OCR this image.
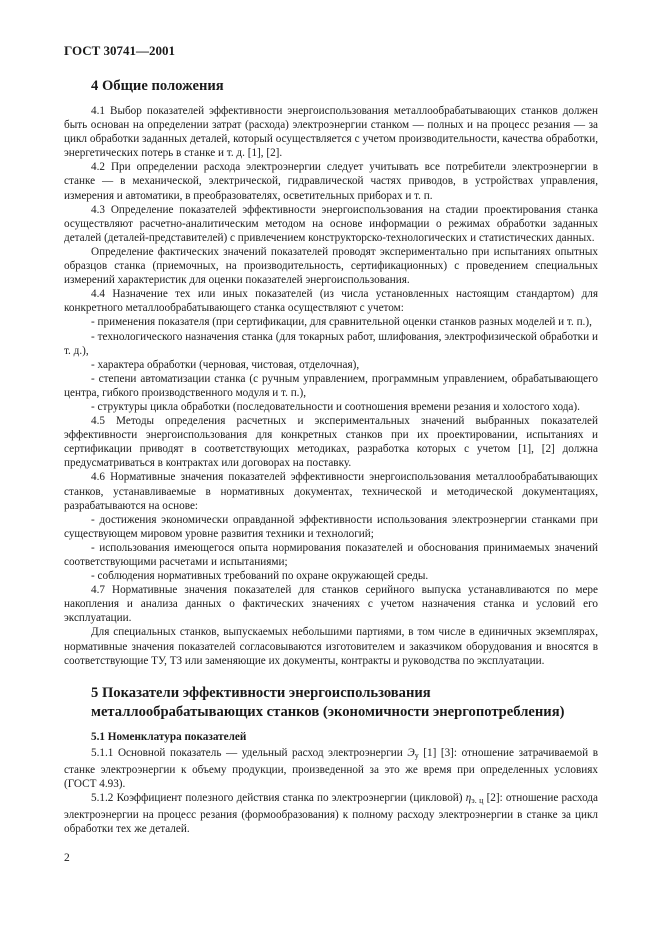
ГОСТ 30741—2001
4 Общие положения

4.1 Выбор показателей эффективности энергоиспользования металлообрабатывающих станков должен быть основан на определении затрат (расхода) электроэнергии станком — полных и на процесс резания — за цикл обработки заданных деталей, который осуществляется с учетом производительности, качества обработки, энергетических потерь в станке и т. д. [1], [2].

4.2 При определении расхода электроэнергии следует учитывать все потребители электроэнергии в станке — в механической, электрической, гидравлической частях приводов, в устройствах управления, измерения и автоматики, в преобразователях, осветительных приборах и т. п.

4.3 Определение показателей эффективности энергоиспользования на стадии проектирования станка осуществляют расчетно-аналитическим методом на основе информации о режимах обработки заданных деталей (деталей-представителей) с привлечением конструкторско-технологических и статистических данных.

Определение фактических значений показателей проводят экспериментально при испытаниях опытных образцов станка (приемочных, на производительность, сертификационных) с проведением специальных измерений характеристик для оценки показателей энергоиспользования.

4.4 Назначение тех или иных показателей (из числа установленных настоящим стандартом) для конкретного металлообрабатывающего станка осуществляют с учетом:

- применения показателя (при сертификации, для сравнительной оценки станков разных моделей и т. п.),

- технологического назначения станка (для токарных работ, шлифования, электрофизической обработки и т. д.),

- характера обработки (черновая, чистовая, отделочная),

- степени автоматизации станка (с ручным управлением, программным управлением, обрабатывающего центра, гибкого производственного модуля и т. п.),

- структуры цикла обработки (последовательности и соотношения времени резания и холостого хода).

4.5 Методы определения расчетных и экспериментальных значений выбранных показателей эффективности энергоиспользования для конкретных станков при их проектировании, испытаниях и сертификации приводят в соответствующих методиках, разработка которых с учетом [1], [2] должна предусматриваться в контрактах или договорах на поставку.

4.6 Нормативные значения показателей эффективности энергоиспользования металлообрабатывающих станков, устанавливаемые в нормативных документах, технической и методической документациях, разрабатываются на основе:

- достижения экономически оправданной эффективности использования электроэнергии станками при существующем мировом уровне развития техники и технологий;

- использования имеющегося опыта нормирования показателей и обоснования принимаемых значений соответствующими расчетами и испытаниями;

- соблюдения нормативных требований по охране окружающей среды.

4.7 Нормативные значения показателей для станков серийного выпуска устанавливаются по мере накопления и анализа данных о фактических значениях с учетом назначения станка и условий его эксплуатации.

Для специальных станков, выпускаемых небольшими партиями, в том числе в единичных экземплярах, нормативные значения показателей согласовываются изготовителем и заказчиком оборудования и вносятся в соответствующие ТУ, ТЗ или заменяющие их документы, контракты и руководства по эксплуатации.

5 Показатели эффективности энергоиспользования металлообрабатывающих станков (экономичности энергопотребления)
5.1 Номенклатура показателей

5.1.1 Основной показатель — удельный расход электроэнергии $Э_у$ [1] [3]: отношение затрачиваемой в станке электроэнергии к объему продукции, произведенной за это же время при определенных условиях (ГОСТ 4.93).

5.1.2 Коэффициент полезного действия станка по электроэнергии (цикловой) $\eta_{э. ц}$ [2]: отношение расхода электроэнергии на процесс резания (формообразования) к полному расходу электроэнергии в станке за цикл обработки тех же деталей.

2
